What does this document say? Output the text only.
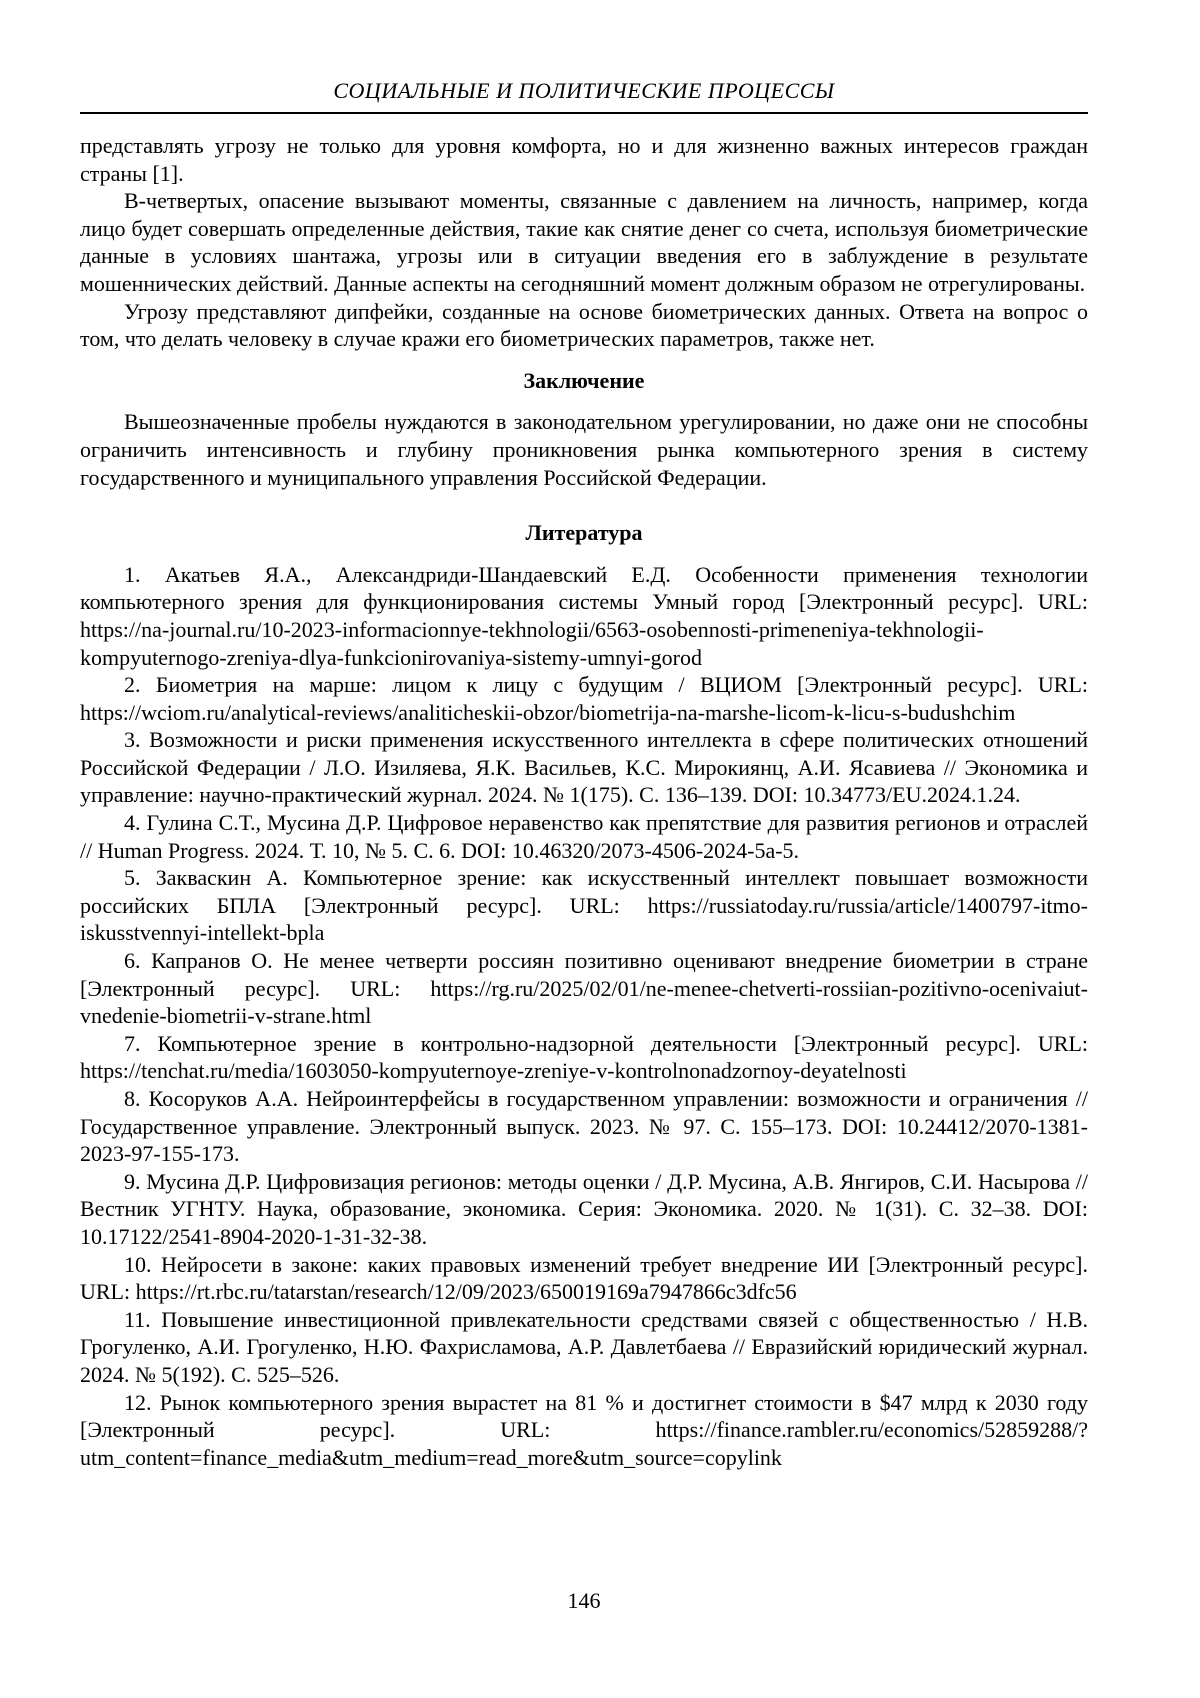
СОЦИАЛЬНЫЕ И ПОЛИТИЧЕСКИЕ ПРОЦЕССЫ

представлять угрозу не только для уровня комфорта, но и для жизненно важных интересов граждан страны [1].

В-четвертых, опасение вызывают моменты, связанные с давлением на личность, например, когда лицо будет совершать определенные действия, такие как снятие денег со счета, используя биометрические данные в условиях шантажа, угрозы или в ситуации введения его в заблуждение в результате мошеннических действий. Данные аспекты на сегодняшний момент должным образом не отрегулированы.

Угрозу представляют дипфейки, созданные на основе биометрических данных. Ответа на вопрос о том, что делать человеку в случае кражи его биометрических параметров, также нет.

Заключение

Вышеозначенные пробелы нуждаются в законодательном урегулировании, но даже они не способны ограничить интенсивность и глубину проникновения рынка компьютерного зрения в систему государственного и муниципального управления Российской Федерации.

Литература

1. Акатьев Я.А., Александриди-Шандаевский Е.Д. Особенности применения технологии компьютерного зрения для функционирования системы Умный город [Электронный ресурс]. URL: https://na-journal.ru/10-2023-informacionnye-tekhnologii/6563-osobennosti-primeneniya-tekhnologii-kompyuternogo-zreniya-dlya-funkcionirovaniya-sistemy-umnyi-gorod

2. Биометрия на марше: лицом к лицу с будущим / ВЦИОМ [Электронный ресурс]. URL: https://wciom.ru/analytical-reviews/analiticheskii-obzor/biometrija-na-marshe-licom-k-licu-s-budushchim

3. Возможности и риски применения искусственного интеллекта в сфере политических отношений Российской Федерации / Л.О. Изиляева, Я.К. Васильев, К.С. Мирокиянц, А.И. Ясавиева // Экономика и управление: научно-практический журнал. 2024. № 1(175). С. 136–139. DOI: 10.34773/EU.2024.1.24.

4. Гулина С.Т., Мусина Д.Р. Цифровое неравенство как препятствие для развития регионов и отраслей // Human Progress. 2024. Т. 10, № 5. С. 6. DOI: 10.46320/2073-4506-2024-5a-5.

5. Закваскин А. Компьютерное зрение: как искусственный интеллект повышает возможности российских БПЛА [Электронный ресурс]. URL: https://russiatoday.ru/russia/article/1400797-itmo-iskusstvennyi-intellekt-bpla

6. Капранов О. Не менее четверти россиян позитивно оценивают внедрение биометрии в стране [Электронный ресурс]. URL: https://rg.ru/2025/02/01/ne-menee-chetverti-rossiian-pozitivno-ocenivaiut-vnedenie-biometrii-v-strane.html

7. Компьютерное зрение в контрольно-надзорной деятельности [Электронный ресурс]. URL: https://tenchat.ru/media/1603050-kompyuternoye-zreniye-v-kontrolnonadzornoy-deyatelnosti

8. Косоруков А.А. Нейроинтерфейсы в государственном управлении: возможности и ограничения // Государственное управление. Электронный выпуск. 2023. № 97. С. 155–173. DOI: 10.24412/2070-1381-2023-97-155-173.

9. Мусина Д.Р. Цифровизация регионов: методы оценки / Д.Р. Мусина, А.В. Янгиров, С.И. Насырова // Вестник УГНТУ. Наука, образование, экономика. Серия: Экономика. 2020. № 1(31). С. 32–38. DOI: 10.17122/2541-8904-2020-1-31-32-38.

10. Нейросети в законе: каких правовых изменений требует внедрение ИИ [Электронный ресурс]. URL: https://rt.rbc.ru/tatarstan/research/12/09/2023/650019169a7947866c3dfc56

11. Повышение инвестиционной привлекательности средствами связей с общественностью / Н.В. Грогуленко, А.И. Грогуленко, Н.Ю. Фахрисламова, А.Р. Давлетбаева // Евразийский юридический журнал. 2024. № 5(192). С. 525–526.

12. Рынок компьютерного зрения вырастет на 81 % и достигнет стоимости в $47 млрд к 2030 году [Электронный ресурс]. URL: https://finance.rambler.ru/economics/52859288/?utm_content=finance_media&utm_medium=read_more&utm_source=copylink

146
